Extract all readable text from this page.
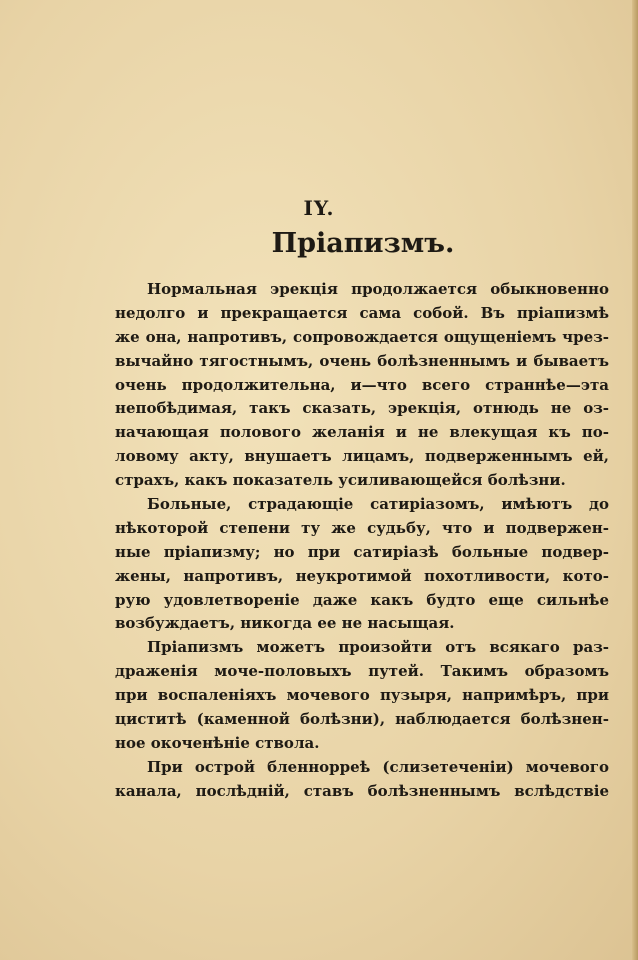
IY.
Пріапизмъ.
Нормальная эрекція продолжается обыкновенно
недолго и прекращается сама собой. Въ пріапизмѣ
же она, напротивъ, сопровождается ощущеніемъ чрез-
вычайно тягостнымъ, очень болѣзненнымъ и бываетъ
очень продолжительна, и—что всего страннѣе—эта
непобѣдимая, такъ сказать, эрекція, отнюдь не оз-
начающая полового желанія и не влекущая къ по-
ловому акту, внушаетъ лицамъ, подверженнымъ ей,
страхъ, какъ показатель усиливающейся болѣзни.
Больные, страдающіе сатиріазомъ, имѣютъ до
нѣкоторой степени ту же судьбу, что и подвержен-
ные пріапизму; но при сатиріазѣ больные подвер-
жены, напротивъ, неукротимой похотливости, кото-
рую удовлетвореніе даже какъ будто еще сильнѣе
возбуждаетъ, никогда ее не насыщая.
Пріапизмъ можетъ произойти отъ всякаго раз-
драженія моче-половыхъ путей. Такимъ образомъ
при воспаленіяхъ мочевого пузыря, напримѣръ, при
циститѣ (каменной болѣзни), наблюдается болѣзнен-
ное окоченѣніе ствола.
При острой бленнорреѣ (слизетеченіи) мочевого
канала, послѣдній, ставъ болѣзненнымъ вслѣдствіе
